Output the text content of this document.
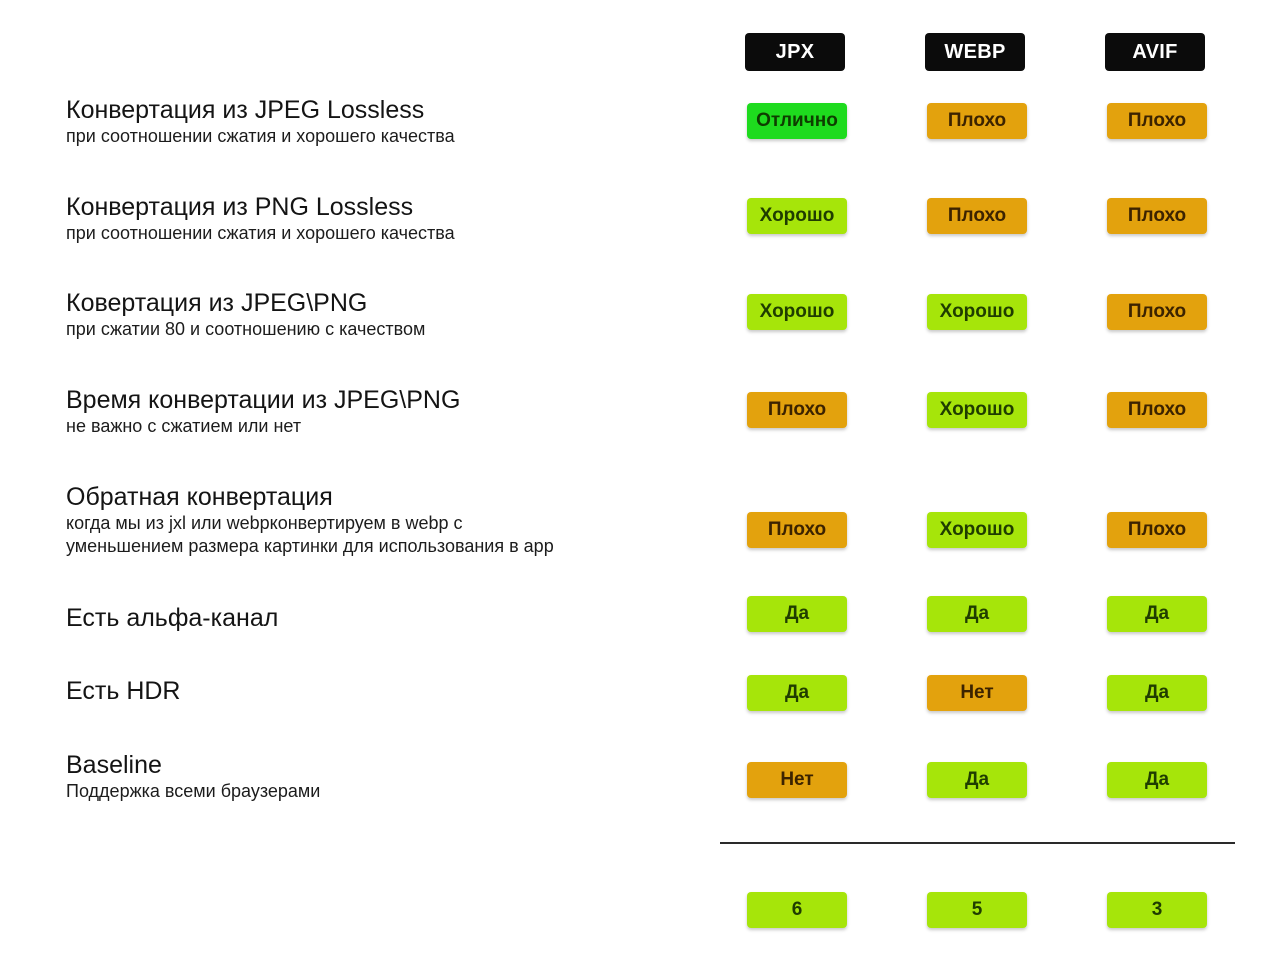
JPX	WEBP	AVIF
Конвертация из JPEG Lossless
при соотношении сжатия и хорошего качества
Отлично	Плохо	Плохо
Конвертация из PNG Lossless
при соотношении сжатия и хорошего качества
Хорошо	Плохо	Плохо
Ковертация из JPEG\PNG
при сжатии 80 и соотношению с качеством
Хорошо	Хорошо	Плохо
Время конвертации из JPEG\PNG
не важно с сжатием или нет
Плохо	Хорошо	Плохо
Обратная конвертация
когда мы из jxl или webpконвертируем в webp с
уменьшением размера картинки для использования в app
Плохо	Хорошо	Плохо
Есть альфа-канал	Да	Да	Да
Есть HDR	Да	Нет	Да
Baseline
Поддержка всеми браузерами
Нет	Да	Да
6	5	3
